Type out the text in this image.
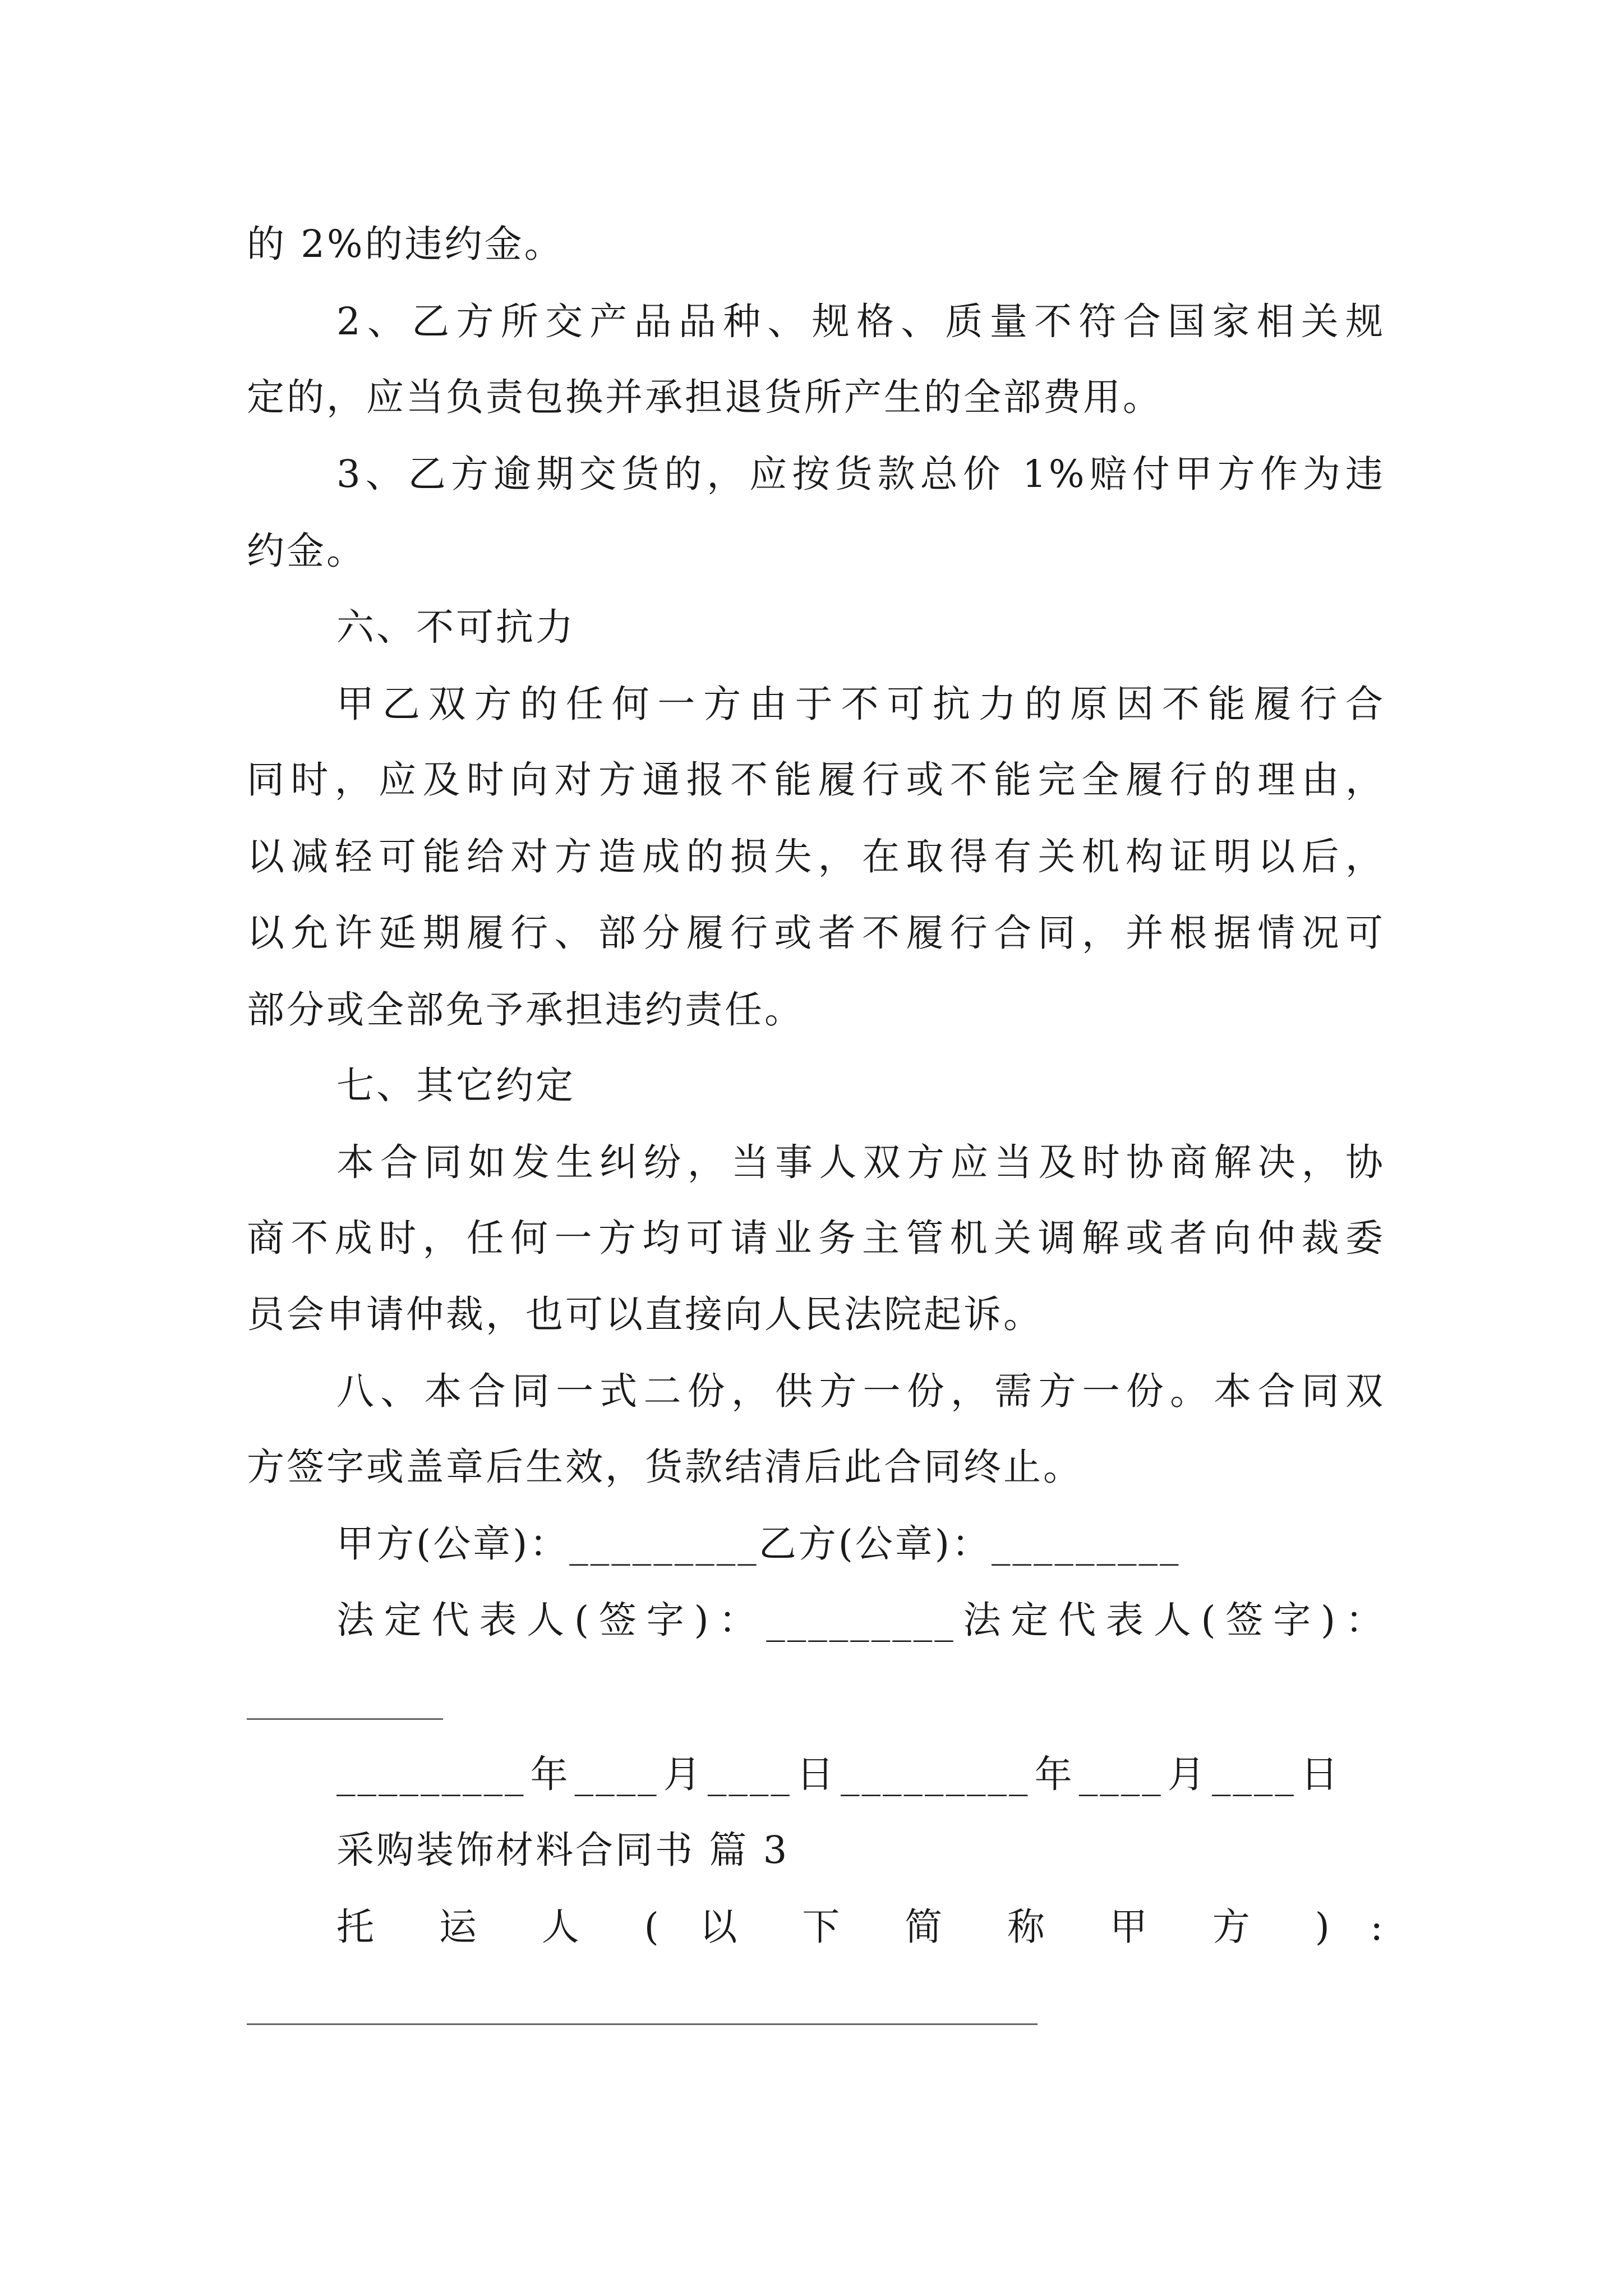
的 2%的违约金。
2、乙方所交产品品种、规格、质量不符合国家相关规
定的，应当负责包换并承担退货所产生的全部费用。
3、乙方逾期交货的，应按货款总价 1%赔付甲方作为违
约金。
六、不可抗力
甲乙双方的任何一方由于不可抗力的原因不能履行合
同时，应及时向对方通报不能履行或不能完全履行的理由，
以减轻可能给对方造成的损失，在取得有关机构证明以后，
以允许延期履行、部分履行或者不履行合同，并根据情况可
部分或全部免予承担违约责任。
七、其它约定
本合同如发生纠纷，当事人双方应当及时协商解决，协
商不成时，任何一方均可请业务主管机关调解或者向仲裁委
员会申请仲裁，也可以直接向人民法院起诉。
八、本合同一式二份，供方一份，需方一份。本合同双
方签字或盖章后生效，货款结清后此合同终止。
甲方(公章)：_________乙方(公章)：_________
法定代表人(签字)：_________法定代表人(签字)：
_________年____月____日_________年____月____日
采购装饰材料合同书 篇 3
托 运 人 ( 以 下 简 称 甲 方 ) :
